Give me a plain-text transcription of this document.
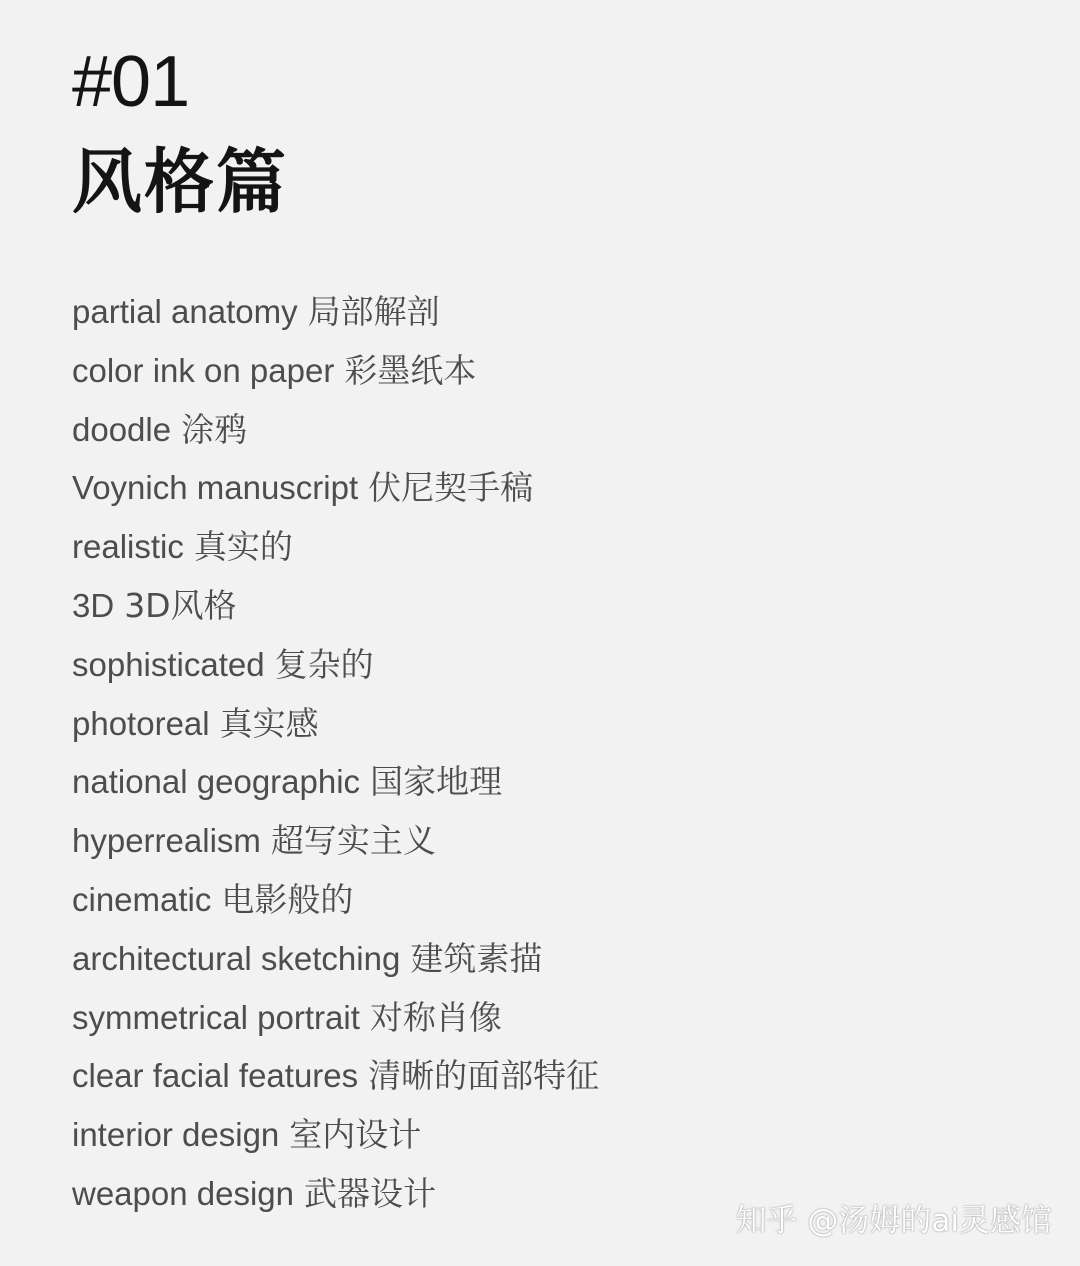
#01
风格篇
partial anatomy 局部解剖
color ink on paper 彩墨纸本
doodle 涂鸦
Voynich manuscript 伏尼契手稿
realistic 真实的
3D 3D风格
sophisticated 复杂的
photoreal 真实感
national geographic 国家地理
hyperrealism 超写实主义
cinematic 电影般的
architectural sketching 建筑素描
symmetrical portrait 对称肖像
clear facial features 清晰的面部特征
interior design 室内设计
weapon design 武器设计
知乎 @汤姆的ai灵感馆
